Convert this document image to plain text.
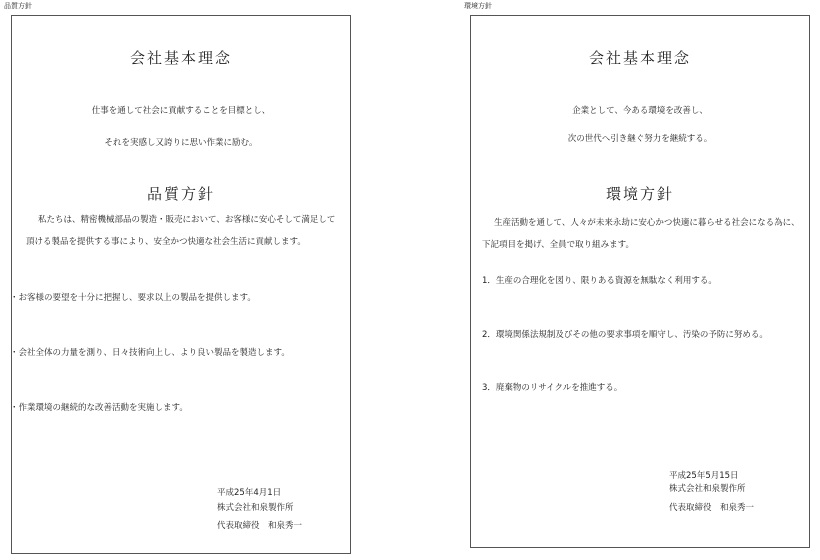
品質方針	環境方針
会社基本理念
仕事を通して社会に貢献することを目標とし、
それを実感し又誇りに思い作業に励む。
品質方針
私たちは、精密機械部品の製造・販売において、お客様に安心そして満足して頂ける製品を提供する事により、安全かつ快適な社会生活に貢献します。
・お客様の要望を十分に把握し、要求以上の製品を提供します。
・会社全体の力量を測り、日々技術向上し、より良い製品を製造します。
・作業環境の継続的な改善活動を実施します。
平成25年4月1日
株式会社和泉製作所
代表取締役　和泉秀一
会社基本理念
企業として、今ある環境を改善し、
次の世代へ引き継ぐ努力を継続する。
環境方針
生産活動を通して、人々が未来永劫に安心かつ快適に暮らせる社会になる為に、下記項目を掲げ、全員で取り組みます。
1．生産の合理化を図り、限りある資源を無駄なく利用する。
2．環境関係法規制及びその他の要求事項を順守し、汚染の予防に努める。
3．廃棄物のリサイクルを推進する。
平成25年5月15日
株式会社和泉製作所
代表取締役　和泉秀一
